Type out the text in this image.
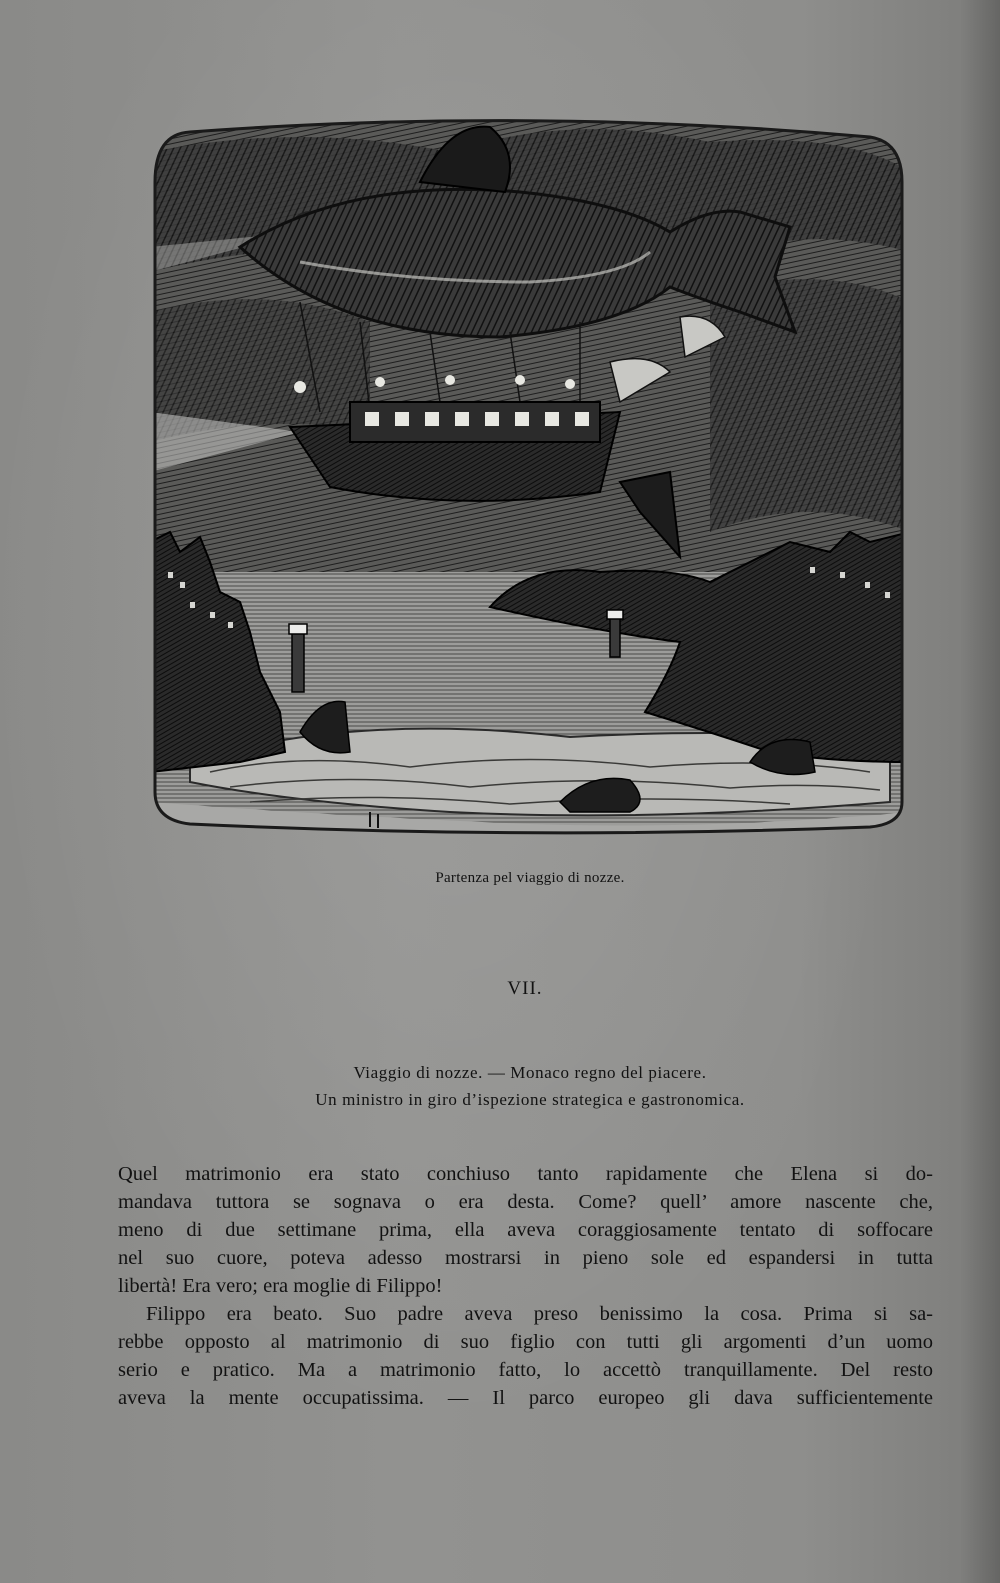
Partenza pel viaggio di nozze.
VII.
Viaggio di nozze. — Monaco regno del piacere.
Un ministro in giro d’ispezione strategica e gastronomica.
Quel matrimonio era stato conchiuso tanto rapidamente che Elena si do-
mandava tuttora se sognava o era desta. Come? quell’ amore nascente che,
meno di due settimane prima, ella aveva coraggiosamente tentato di soffocare
nel suo cuore, poteva adesso mostrarsi in pieno sole ed espandersi in tutta
libertà! Era vero; era moglie di Filippo!
Filippo era beato. Suo padre aveva preso benissimo la cosa. Prima si sa-
rebbe opposto al matrimonio di suo figlio con tutti gli argomenti d’un uomo
serio e pratico. Ma a matrimonio fatto, lo accettò tranquillamente. Del resto
aveva la mente occupatissima. — Il parco europeo gli dava sufficientemente
